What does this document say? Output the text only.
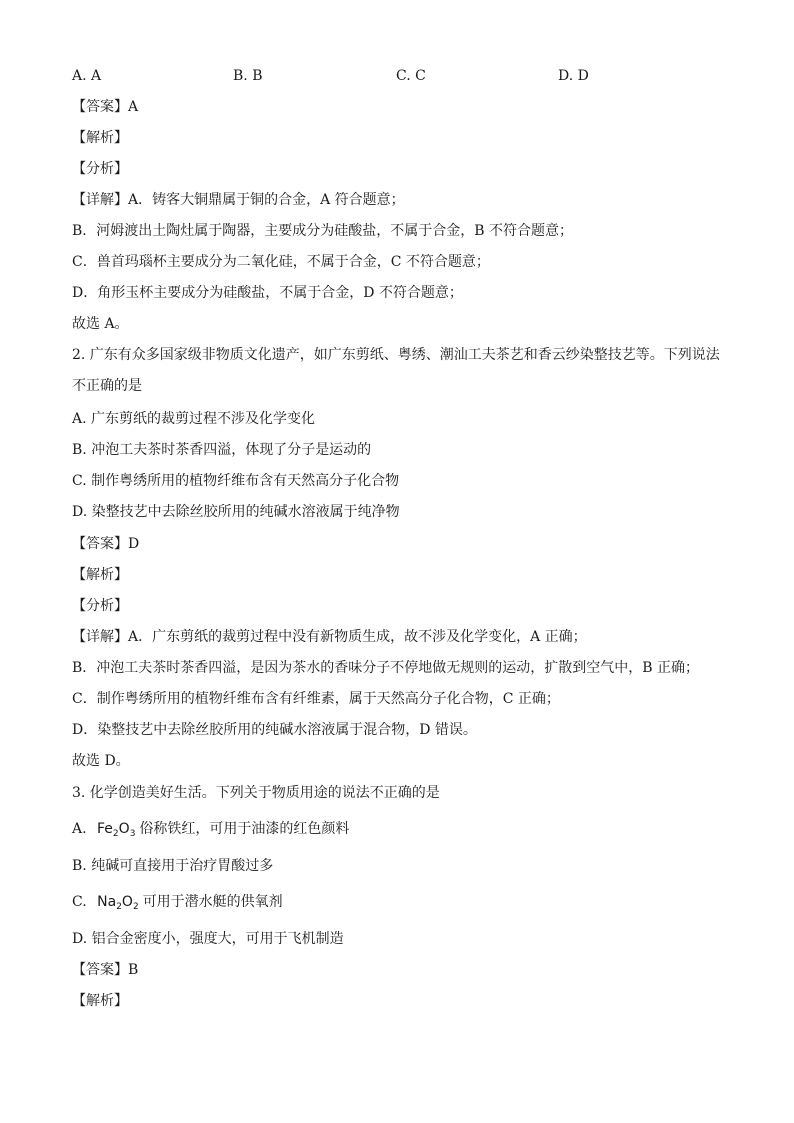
A. A	B. B	C. C	D. D
【答案】A
【解析】
【分析】
【详解】A．铸客大铜鼎属于铜的合金，A 符合题意；
B．河姆渡出土陶灶属于陶器，主要成分为硅酸盐，不属于合金，B 不符合题意；
C．兽首玛瑙杯主要成分为二氧化硅，不属于合金，C 不符合题意；
D．角形玉杯主要成分为硅酸盐，不属于合金，D 不符合题意；
故选 A。
2. 广东有众多国家级非物质文化遗产，如广东剪纸、粤绣、潮汕工夫茶艺和香云纱染整技艺等。下列说法
不正确的是
A. 广东剪纸的裁剪过程不涉及化学变化
B. 冲泡工夫茶时茶香四溢，体现了分子是运动的
C. 制作粤绣所用的植物纤维布含有天然高分子化合物
D. 染整技艺中去除丝胶所用的纯碱水溶液属于纯净物
【答案】D
【解析】
【分析】
【详解】A．广东剪纸的裁剪过程中没有新物质生成，故不涉及化学变化，A 正确；
B．冲泡工夫茶时茶香四溢，是因为茶水的香味分子不停地做无规则的运动，扩散到空气中，B 正确；
C．制作粤绣所用的植物纤维布含有纤维素，属于天然高分子化合物，C 正确；
D．染整技艺中去除丝胶所用的纯碱水溶液属于混合物，D 错误。
故选 D。
3. 化学创造美好生活。下列关于物质用途的说法不正确的是
A. $Fe_2O_3$ 俗称铁红，可用于油漆的红色颜料
B. 纯碱可直接用于治疗胃酸过多
C. $Na_2O_2$ 可用于潜水艇的供氧剂
D. 铝合金密度小，强度大，可用于飞机制造
【答案】B
【解析】
